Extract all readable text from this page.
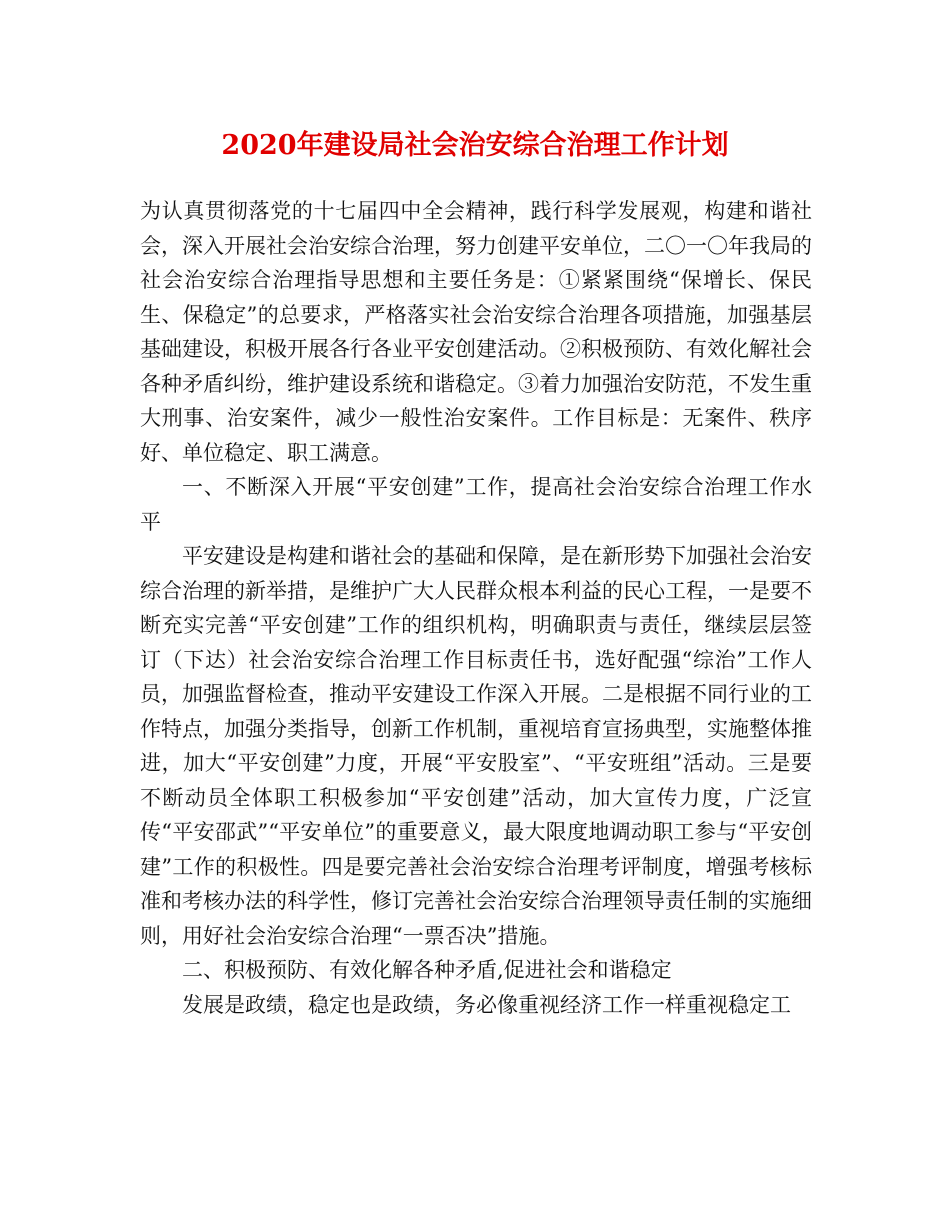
2020年建设局社会治安综合治理工作计划

为认真贯彻落党的十七届四中全会精神，践行科学发展观，构建和谐社会，深入开展社会治安综合治理，努力创建平安单位，二〇一〇年我局的社会治安综合治理指导思想和主要任务是：①紧紧围绕“保增长、保民生、保稳定”的总要求，严格落实社会治安综合治理各项措施，加强基层基础建设，积极开展各行各业平安创建活动。②积极预防、有效化解社会各种矛盾纠纷，维护建设系统和谐稳定。③着力加强治安防范，不发生重大刑事、治安案件，减少一般性治安案件。工作目标是：无案件、秩序好、单位稳定、职工满意。

一、不断深入开展“平安创建”工作，提高社会治安综合治理工作水平

平安建设是构建和谐社会的基础和保障，是在新形势下加强社会治安综合治理的新举措，是维护广大人民群众根本利益的民心工程，一是要不断充实完善“平安创建”工作的组织机构，明确职责与责任，继续层层签订（下达）社会治安综合治理工作目标责任书，选好配强“综治”工作人员，加强监督检查，推动平安建设工作深入开展。二是根据不同行业的工作特点，加强分类指导，创新工作机制，重视培育宣扬典型，实施整体推进，加大“平安创建”力度，开展“平安股室”、“平安班组”活动。三是要不断动员全体职工积极参加“平安创建”活动，加大宣传力度，广泛宣传“平安邵武”“平安单位”的重要意义，最大限度地调动职工参与“平安创建”工作的积极性。四是要完善社会治安综合治理考评制度，增强考核标准和考核办法的科学性，修订完善社会治安综合治理领导责任制的实施细则，用好社会治安综合治理“一票否决”措施。

二、积极预防、有效化解各种矛盾,促进社会和谐稳定

发展是政绩，稳定也是政绩，务必像重视经济工作一样重视稳定工
